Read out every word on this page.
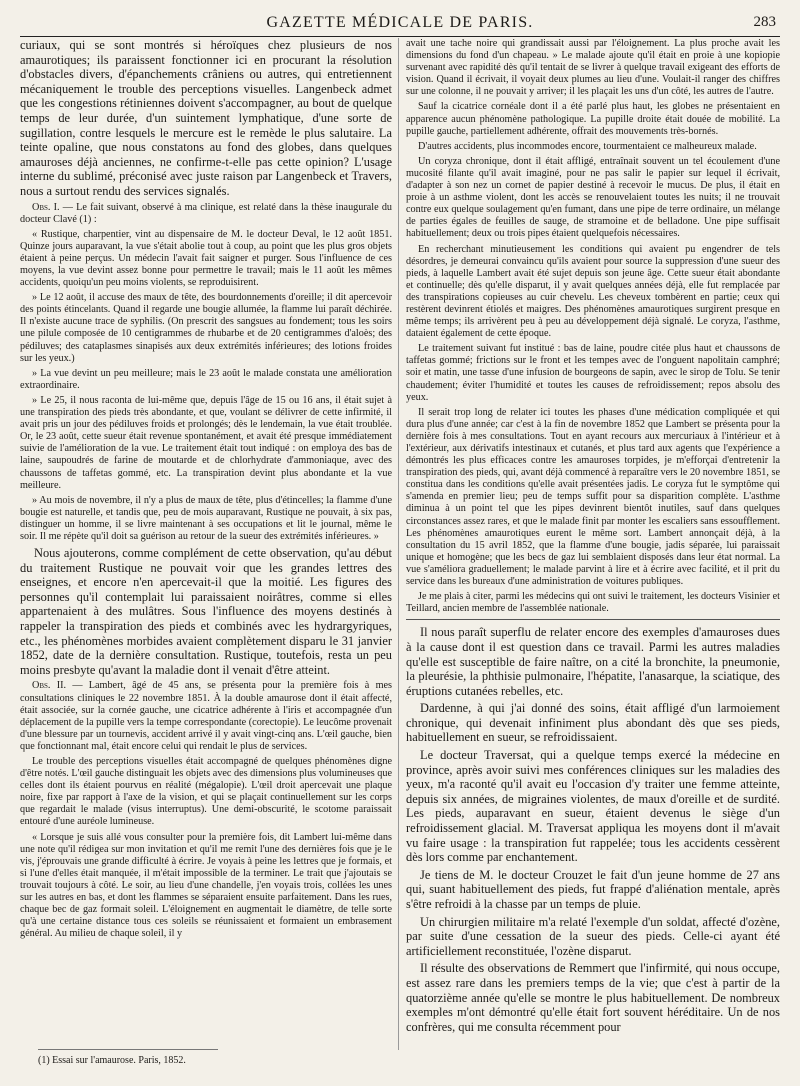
GAZETTE MÉDICALE DE PARIS.	283

curiaux, qui se sont montrés si héroïques chez plusieurs de nos amaurotiques; ils paraissent fonctionner ici en procurant la résolution d'obstacles divers, d'épanchements crâniens ou autres, qui entretiennent mécaniquement le trouble des perceptions visuelles. Langenbeck admet que les congestions rétiniennes doivent s'accompagner, au bout de quelque temps de leur durée, d'un suintement lymphatique, d'une sorte de sugillation, contre lesquels le mercure est le remède le plus salutaire. La teinte opaline, que nous constatons au fond des globes, dans quelques amauroses déjà anciennes, ne confirme-t-elle pas cette opinion? L'usage interne du sublimé, préconisé avec juste raison par Langenbeck et Travers, nous a surtout rendu des services signalés.

Obs. I. — Le fait suivant, observé à ma clinique, est relaté dans la thèse inaugurale du docteur Clavé (1) :

« Rustique, charpentier, vint au dispensaire de M. le docteur Deval, le 12 août 1851. Quinze jours auparavant, la vue s'était abolie tout à coup, au point que les plus gros objets étaient à peine perçus. Un médecin l'avait fait saigner et purger. Sous l'influence de ces moyens, la vue devint assez bonne pour permettre le travail; mais le 11 août les mêmes accidents, quoiqu'un peu moins violents, se reproduisirent.

» Le 12 août, il accuse des maux de tête, des bourdonnements d'oreille; il dit apercevoir des points étincelants. Quand il regarde une bougie allumée, la flamme lui paraît déchirée. Il n'existe aucune trace de syphilis. (On prescrit des sangsues au fondement; tous les soirs une pilule composée de 10 centigrammes de rhubarbe et de 20 centigrammes d'aloès; des pédiluves; des cataplasmes sinapisés aux deux extrémités inférieures; des lotions froides sur les yeux.)

» La vue devint un peu meilleure; mais le 23 août le malade constata une amélioration extraordinaire.

» Le 25, il nous raconta de lui-même que, depuis l'âge de 15 ou 16 ans, il était sujet à une transpiration des pieds très abondante, et que, voulant se délivrer de cette infirmité, il avait pris un jour des pédiluves froids et prolongés; dès le lendemain, la vue était troublée. Or, le 23 août, cette sueur était revenue spontanément, et avait été presque immédiatement suivie de l'amélioration de la vue. Le traitement était tout indiqué : on employa des bas de laine, saupoudrés de farine de moutarde et de chlorhydrate d'ammoniaque, avec des chaussons de taffetas gommé, etc. La transpiration devint plus abondante et la vue meilleure.

» Au mois de novembre, il n'y a plus de maux de tête, plus d'étincelles; la flamme d'une bougie est naturelle, et tandis que, peu de mois auparavant, Rustique ne pouvait, à six pas, distinguer un homme, il se livre maintenant à ses occupations et lit le journal, même le soir. Il me répète qu'il doit sa guérison au retour de la sueur des extrémités inférieures. »

Nous ajouterons, comme complément de cette observation, qu'au début du traitement Rustique ne pouvait voir que les grandes lettres des enseignes, et encore n'en apercevait-il que la moitié. Les figures des personnes qu'il contemplait lui paraissaient noirâtres, comme si elles appartenaient à des mulâtres. Sous l'influence des moyens destinés à rappeler la transpiration des pieds et combinés avec les hydrargyriques, etc., les phénomènes morbides avaient complètement disparu le 31 janvier 1852, date de la dernière consultation. Rustique, toutefois, resta un peu moins presbyte qu'avant la maladie dont il venait d'être atteint.

Obs. II. — Lambert, âgé de 45 ans, se présenta pour la première fois à mes consultations cliniques le 22 novembre 1851. À la double amaurose dont il était affecté, était associée, sur la cornée gauche, une cicatrice adhérente à l'iris et accompagnée d'un déplacement de la pupille vers la tempe correspondante (corectopie). Le leucôme provenait d'une blessure par un tournevis, accident arrivé il y avait vingt-cinq ans. L'œil gauche, bien que fonctionnant mal, était encore celui qui rendait le plus de services.

Le trouble des perceptions visuelles était accompagné de quelques phénomènes digne d'être notés. L'œil gauche distinguait les objets avec des dimensions plus volumineuses que celles dont ils étaient pourvus en réalité (mégalopie). L'œil droit apercevait une plaque noire, fixe par rapport à l'axe de la vision, et qui se plaçait continuellement sur les corps que regardait le malade (visus interruptus). Une demi-obscurité, le scotome paraissait entouré d'une auréole lumineuse.

« Lorsque je suis allé vous consulter pour la première fois, dit Lambert lui-même dans une note qu'il rédigea sur mon invitation et qu'il me remit l'une des dernières fois que je le vis, j'éprouvais une grande difficulté à écrire. Je voyais à peine les lettres que je formais, et si l'une d'elles était manquée, il m'était impossible de la terminer. Le trait que j'ajoutais se trouvait toujours à côté. Le soir, au lieu d'une chandelle, j'en voyais trois, collées les unes sur les autres en bas, et dont les flammes se séparaient ensuite parfaitement. Dans les rues, chaque bec de gaz formait soleil. L'éloignement en augmentait le diamètre, de telle sorte qu'à une certaine distance tous ces soleils se réunissaient et formaient un embrasement général. Au milieu de chaque soleil, il y

avait une tache noire qui grandissait aussi par l'éloignement. La plus proche avait les dimensions du fond d'un chapeau. » Le malade ajoute qu'il était en proie à une kopiopie survenant avec rapidité dès qu'il tentait de se livrer à quelque travail exigeant des efforts de vision. Quand il écrivait, il voyait deux plumes au lieu d'une. Voulait-il ranger des chiffres sur une colonne, il ne pouvait y arriver; il les plaçait les uns d'un côté, les autres de l'autre.

Sauf la cicatrice cornéale dont il a été parlé plus haut, les globes ne présentaient en apparence aucun phénomène pathologique. La pupille droite était douée de mobilité. La pupille gauche, partiellement adhérente, offrait des mouvements très-bornés.

D'autres accidents, plus incommodes encore, tourmentaient ce malheureux malade.

Un coryza chronique, dont il était affligé, entraînait souvent un tel écoulement d'une mucosité filante qu'il avait imaginé, pour ne pas salir le papier sur lequel il écrivait, d'adapter à son nez un cornet de papier destiné à recevoir le mucus. De plus, il était en proie à un asthme violent, dont les accès se renouvelaient toutes les nuits; il ne trouvait contre eux quelque soulagement qu'en fumant, dans une pipe de terre ordinaire, un mélange de parties égales de feuilles de sauge, de stramoine et de belladone. Une pipe suffisait habituellement; deux ou trois pipes étaient quelquefois nécessaires.

En recherchant minutieusement les conditions qui avaient pu engendrer de tels désordres, je demeurai convaincu qu'ils avaient pour source la suppression d'une sueur des pieds, à laquelle Lambert avait été sujet depuis son jeune âge. Cette sueur était abondante et continuelle; dès qu'elle disparut, il y avait quelques années déjà, elle fut remplacée par des transpirations copieuses au cuir chevelu. Les cheveux tombèrent en partie; ceux qui restèrent devinrent étiolés et maigres. Des phénomènes amaurotiques surgirent presque en même temps; ils arrivèrent peu à peu au développement déjà signalé. Le coryza, l'asthme, dataient également de cette époque.

Le traitement suivant fut institué : bas de laine, poudre citée plus haut et chaussons de taffetas gommé; frictions sur le front et les tempes avec de l'onguent napolitain camphré; soir et matin, une tasse d'une infusion de bourgeons de sapin, avec le sirop de Tolu. Se tenir chaudement; éviter l'humidité et toutes les causes de refroidissement; repos absolu des yeux.

Il serait trop long de relater ici toutes les phases d'une médication compliquée et qui dura plus d'une année; car c'est à la fin de novembre 1852 que Lambert se présenta pour la dernière fois à mes consultations. Tout en ayant recours aux mercuriaux à l'intérieur et à l'extérieur, aux dérivatifs intestinaux et cutanés, et plus tard aux agents que l'expérience a démontrés les plus efficaces contre les amauroses torpides, je m'efforçai d'entretenir la transpiration des pieds, qui, avant déjà commencé à reparaître vers le 20 novembre 1851, se constitua dans les conditions qu'elle avait présentées jadis. Le coryza fut le symptôme qui s'amenda en premier lieu; peu de temps suffit pour sa disparition complète. L'asthme diminua à un point tel que les pipes devinrent bientôt inutiles, sauf dans quelques circonstances assez rares, et que le malade finit par monter les escaliers sans essoufflement. Les phénomènes amaurotiques eurent le même sort. Lambert annonçait déjà, à la consultation du 15 avril 1852, que la flamme d'une bougie, jadis séparée, lui paraissait unique et homogène; que les becs de gaz lui semblaient disposés dans leur état normal. La vue s'améliora graduellement; le malade parvint à lire et à écrire avec facilité, et il prit du service dans les bureaux d'une administration de voitures publiques.

Je me plais à citer, parmi les médecins qui ont suivi le traitement, les docteurs Visinier et Teillard, ancien membre de l'assemblée nationale.

Il nous paraît superflu de relater encore des exemples d'amauroses dues à la cause dont il est question dans ce travail. Parmi les autres maladies qu'elle est susceptible de faire naître, on a cité la bronchite, la pneumonie, la pleurésie, la phthisie pulmonaire, l'hépatite, l'anasarque, la sciatique, des éruptions cutanées rebelles, etc.

Dardenne, à qui j'ai donné des soins, était affligé d'un larmoiement chronique, qui devenait infiniment plus abondant dès que ses pieds, habituellement en sueur, se refroidissaient.

Le docteur Traversat, qui a quelque temps exercé la médecine en province, après avoir suivi mes conférences cliniques sur les maladies des yeux, m'a raconté qu'il avait eu l'occasion d'y traiter une femme atteinte, depuis six années, de migraines violentes, de maux d'oreille et de surdité. Les pieds, auparavant en sueur, étaient devenus le siège d'un refroidissement glacial. M. Traversat appliqua les moyens dont il m'avait vu faire usage : la transpiration fut rappelée; tous les accidents cessèrent dès lors comme par enchantement.

Je tiens de M. le docteur Crouzet le fait d'un jeune homme de 27 ans qui, suant habituellement des pieds, fut frappé d'aliénation mentale, après s'être refroidi à la chasse par un temps de pluie.

Un chirurgien militaire m'a relaté l'exemple d'un soldat, affecté d'ozène, par suite d'une cessation de la sueur des pieds. Celle-ci ayant été artificiellement reconstituée, l'ozène disparut.

Il résulte des observations de Remmert que l'infirmité, qui nous occupe, est assez rare dans les premiers temps de la vie; que c'est à partir de la quatorzième année qu'elle se montre le plus habituellement. De nombreux exemples m'ont démontré qu'elle était fort souvent héréditaire. Un de nos confrères, qui me consulta récemment pour

(1) Essai sur l'amaurose. Paris, 1852.
